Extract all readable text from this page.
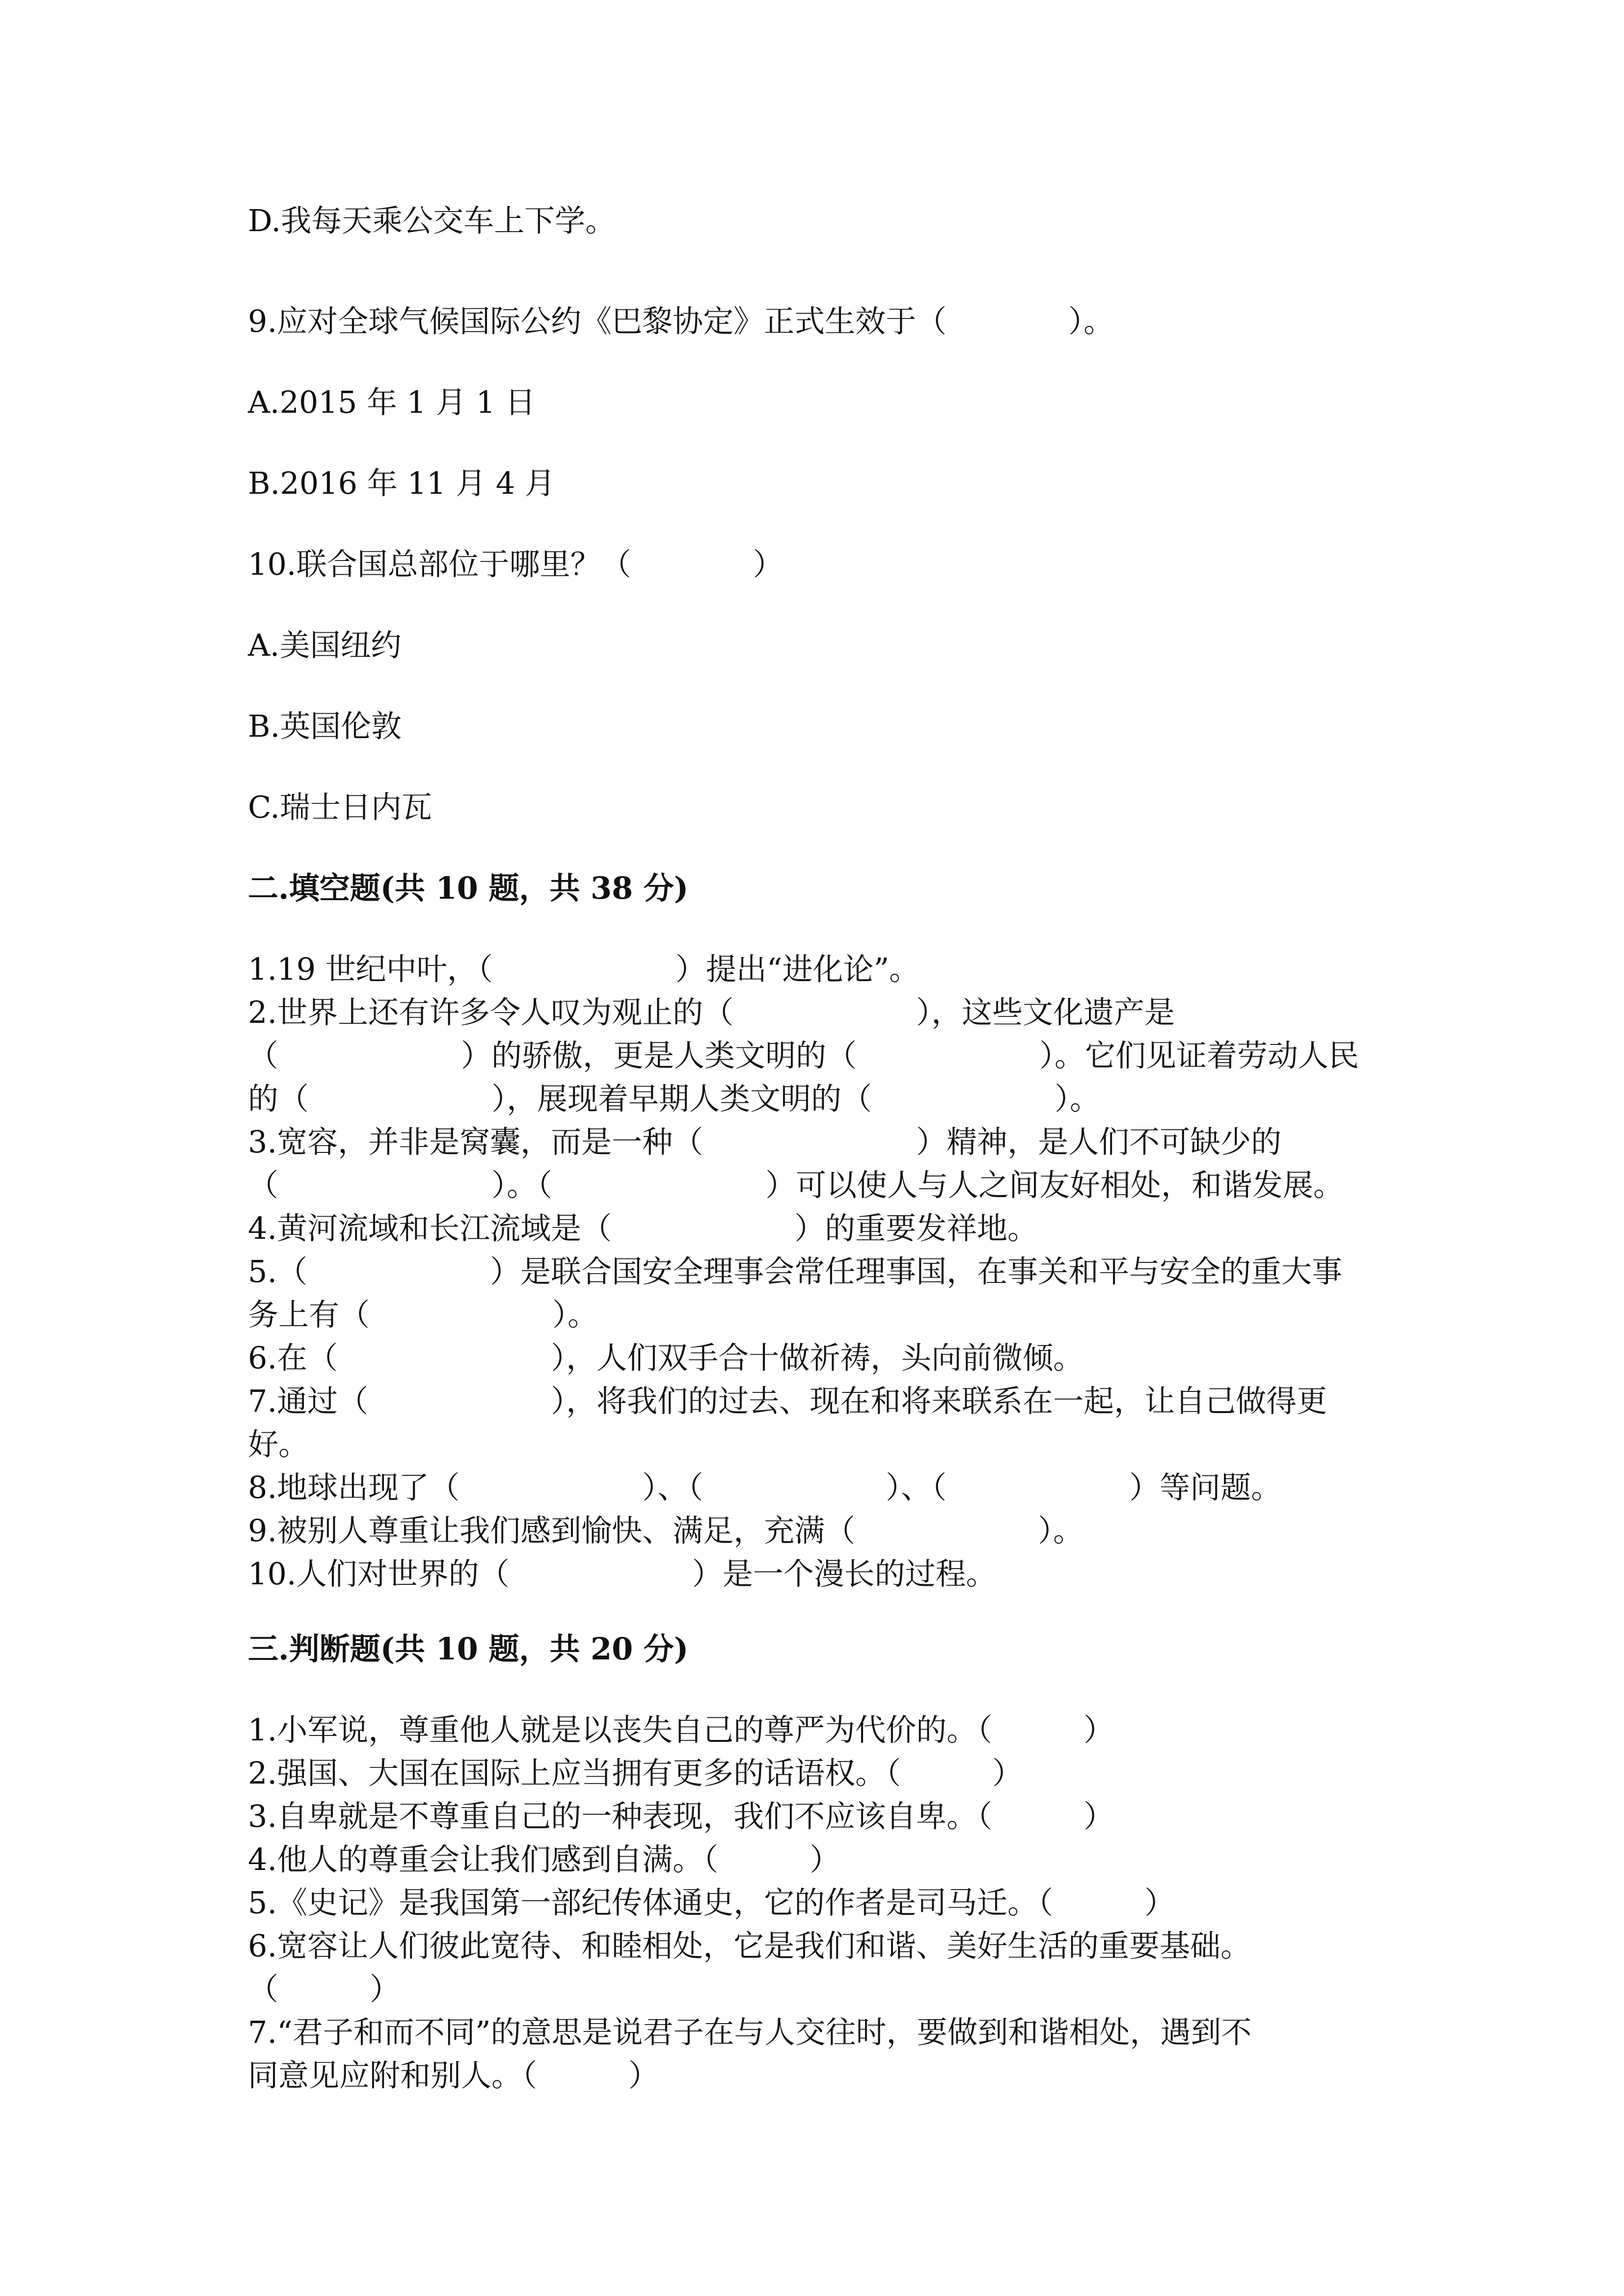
D.我每天乘公交车上下学。
9.应对全球气候国际公约《巴黎协定》正式生效于（　　　　）。
A.2015 年 1 月 1 日
B.2016 年 11 月 4 月
10.联合国总部位于哪里？（　　　　）
A.美国纽约
B.英国伦敦
C.瑞士日内瓦
二.填空题(共 10 题，共 38 分)
1.19 世纪中叶，（　　　　　　）提出“进化论”。
2.世界上还有许多令人叹为观止的（　　　　　　），这些文化遗产是
（　　　　　　）的骄傲，更是人类文明的（　　　　　　）。它们见证着劳动人民
的（　　　　　　），展现着早期人类文明的（　　　　　　）。
3.宽容，并非是窝囊，而是一种（　　　　　　　）精神，是人们不可缺少的
（　　　　　　　）。（　　　　　　　）可以使人与人之间友好相处，和谐发展。
4.黄河流域和长江流域是（　　　　　　）的重要发祥地。
5.（　　　　　　）是联合国安全理事会常任理事国，在事关和平与安全的重大事
务上有（　　　　　　）。
6.在（　　　　　　　），人们双手合十做祈祷，头向前微倾。
7.通过（　　　　　　），将我们的过去、现在和将来联系在一起，让自己做得更
好。
8.地球出现了（　　　　　　）、（　　　　　　）、（　　　　　　）等问题。
9.被别人尊重让我们感到愉快、满足，充满（　　　　　　）。
10.人们对世界的（　　　　　　）是一个漫长的过程。
三.判断题(共 10 题，共 20 分)
1.小军说，尊重他人就是以丧失自己的尊严为代价的。（　　　）
2.强国、大国在国际上应当拥有更多的话语权。（　　　）
3.自卑就是不尊重自己的一种表现，我们不应该自卑。（　　　）
4.他人的尊重会让我们感到自满。（　　　）
5.《史记》是我国第一部纪传体通史，它的作者是司马迁。（　　　）
6.宽容让人们彼此宽待、和睦相处，它是我们和谐、美好生活的重要基础。
（　　　）
7.“君子和而不同”的意思是说君子在与人交往时，要做到和谐相处，遇到不
同意见应附和别人。（　　　）
